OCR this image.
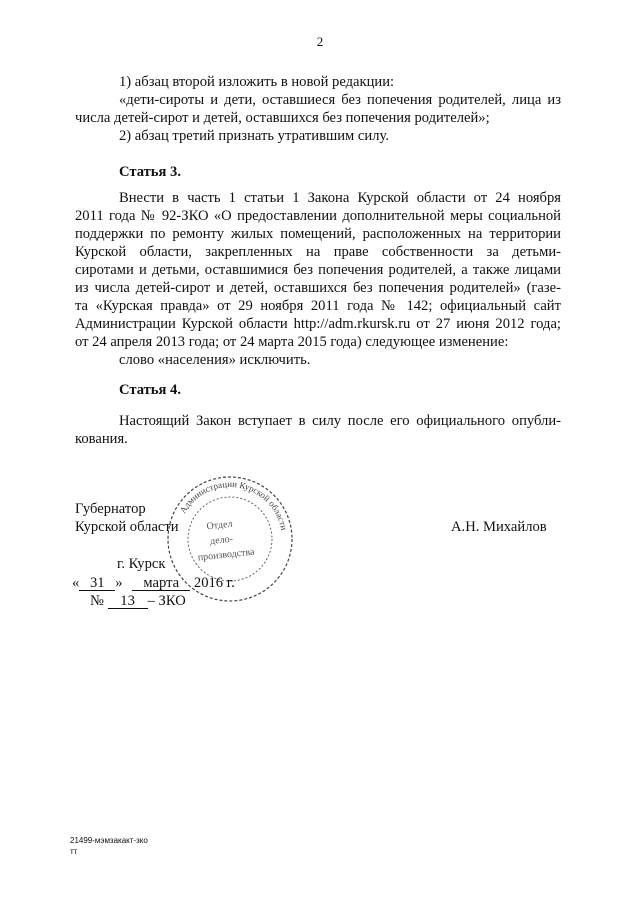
2
1) абзац второй изложить в новой редакции:
«дети-сироты и дети, оставшиеся без попечения родителей, лица из
числа детей-сирот и детей, оставшихся без попечения родителей»;
2) абзац третий признать утратившим силу.
Статья 3.
Внести в часть 1 статьи 1 Закона Курской области от 24 ноября
2011 года № 92-ЗКО «О предоставлении дополнительной меры социальной
поддержки по ремонту жилых помещений, расположенных на территории
Курской области, закрепленных на праве собственности за детьми-
сиротами и детьми, оставшимися без попечения родителей, а также лицами
из числа детей-сирот и детей, оставшихся без попечения родителей» (газе-
та «Курская правда» от 29 ноября 2011 года № 142; официальный сайт
Администрации Курской области http://adm.rkursk.ru от 27 июня 2012 года;
от 24 апреля 2013 года; от 24 марта 2015 года) следующее изменение:
слово «населения» исключить.
Статья 4.
Настоящий Закон вступает в силу после его официального опубли-
кования.
Администрации Курской области
Отдел
дело-
производства
Губернатор
Курской области	А.Н. Михайлов
г. Курск
« 31 » марта 2016 г.
№ 13 – ЗКО
21499-мэмзакакт-зко
тт
